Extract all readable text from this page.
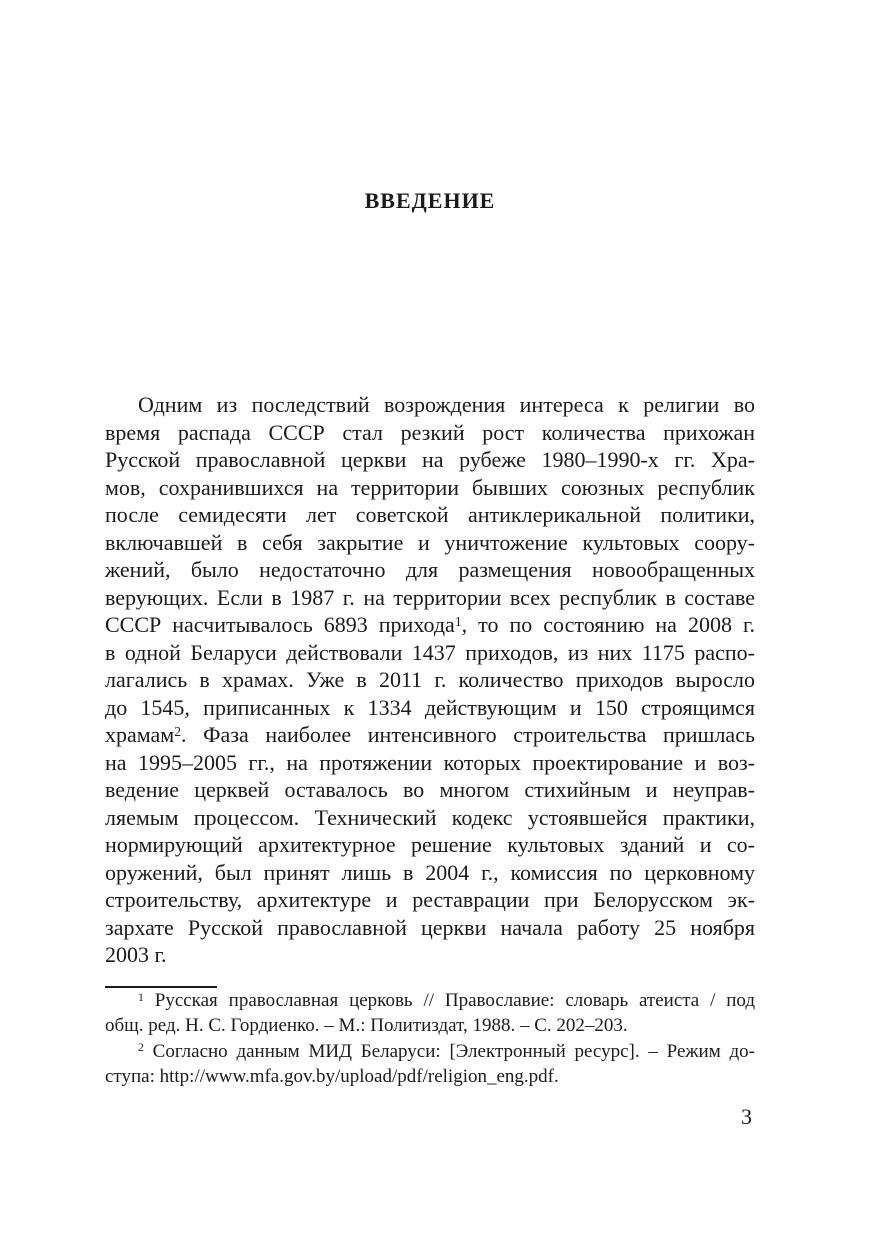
ВВЕДЕНИЕ
Одним из последствий возрождения интереса к религии во
время распада СССР стал резкий рост количества прихожан
Русской православной церкви на рубеже 1980–1990-х гг. Хра-
мов, сохранившихся на территории бывших союзных республик
после семидесяти лет советской антиклерикальной политики,
включавшей в себя закрытие и уничтожение культовых соору-
жений, было недостаточно для размещения новообращенных
верующих. Если в 1987 г. на территории всех республик в составе
СССР насчитывалось 6893 прихода$^1$, то по состоянию на 2008 г.
в одной Беларуси действовали 1437 приходов, из них 1175 распо-
лагались в храмах. Уже в 2011 г. количество приходов выросло
до 1545, приписанных к 1334 действующим и 150 строящимся
храмам$^2$. Фаза наиболее интенсивного строительства пришлась
на 1995–2005 гг., на протяжении которых проектирование и воз-
ведение церквей оставалось во многом стихийным и неуправ-
ляемым процессом. Технический кодекс устоявшейся практики,
нормирующий архитектурное решение культовых зданий и со-
оружений, был принят лишь в 2004 г., комиссия по церковному
строительству, архитектуре и реставрации при Белорусском эк-
зархате Русской православной церкви начала работу 25 ноября
2003 г.
$^1$ Русская православная церковь // Православие: словарь атеиста / под
общ. ред. Н. С. Гордиенко. – М.: Политиздат, 1988. – С. 202–203.
$^2$ Согласно данным МИД Беларуси: [Электронный ресурс]. – Режим до-
ступа: http://www.mfa.gov.by/upload/pdf/religion_eng.pdf.
3
